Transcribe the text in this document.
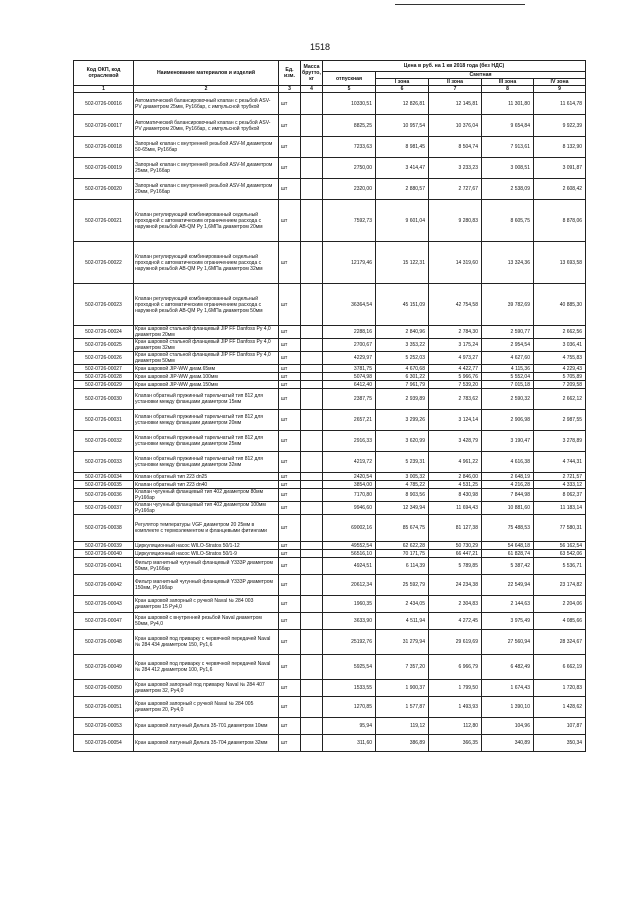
1518
Код ОКП, код отраслевой	Наименование материалов и изделий	Ед. изм.	Масса брутто, кг	Цена в руб. на 1 кв 2018 года (без НДС)				
				отпускная	Сметная			
					I зона	II зона	III зона	IV зона
1	2	3	4	5	6	7	8	9
502-0726-00016	Автоматический балансировочный клапан с резьбой ASV-PV диаметром 25мм, Ру16бар, с импульсной трубкой	шт		10330,51	12 826,81	12 145,81	11 301,80	11 614,78
502-0726-00017	Автоматический балансировочный клапан с резьбой ASV-PV диаметром 20мм, Ру16бар, с импульсной трубкой	шт		8825,25	10 957,54	10 376,04	9 654,84	9 922,39
502-0726-00018	Запорный клапан с внутренней резьбой ASV-M диаметром 50-65мм, Ру16бар	шт		7233,63	8 981,45	8 504,74	7 913,61	8 132,90
502-0726-00019	Запорный клапан с внутренней резьбой ASV-M диаметром 25мм, Ру16бар	шт		2750,00	3 414,47	3 233,23	3 008,51	3 091,87
502-0726-00020	Запорный клапан с внутренней резьбой ASV-M диаметром 20мм, Ру16бар	шт		2320,00	2 880,57	2 727,67	2 538,09	2 608,42
502-0726-00021	Клапан регулирующий комбинированный седельный проходной с автоматическим ограничением расхода с наружной резьбой AB-QM Ру 1,6МПа диаметром 20мм	шт		7592,73	9 601,04	9 280,83	8 605,75	8 878,06
502-0726-00022	Клапан регулирующий комбинированный седельный проходной с автоматическим ограничением расхода с наружной резьбой AB-QM Ру 1,6МПа диаметром 32мм	шт		12179,46	15 122,31	14 319,60	13 324,36	13 693,58
502-0726-00023	Клапан регулирующий комбинированный седельный проходной с автоматическим ограничением расхода с наружной резьбой AB-QM Ру 1,6МПа диаметром 50мм	шт		36364,54	45 151,09	42 754,58	39 782,69	40 885,30
502-0726-00024	Кран шаровой стальной фланцевый JIP FF Danfoss Ру 4,0 диаметром 20мм	шт		2288,16	2 840,96	2 784,30	2 590,77	2 662,56
502-0726-00025	Кран шаровой стальной фланцевый JIP FF Danfoss Ру 4,0 диаметром 32мм	шт		2700,67	3 353,22	3 175,24	2 954,54	3 036,41
502-0726-00026	Кран шаровой стальной фланцевый JIP FF Danfoss Ру 4,0 диаметром 50мм	шт		4229,97	5 252,03	4 973,27	4 627,60	4 755,83
502-0726-00027	Кран шаровой JIP-WW диам.65мм	шт		3781,75	4 670,68	4 422,77	4 115,36	4 229,43
502-0726-00028	Кран шаровой JIP-WW диам.100мм	шт		5074,98	6 301,22	5 966,76	5 552,04	5 705,89
502-0726-00029	Кран шаровой JIP-WW диам.150мм	шт		6412,40	7 961,79	7 539,20	7 015,18	7 209,58
502-0726-00030	Клапан обратный пружинный тарельчатый тип 812 для установки между фланцами диаметром 15мм	шт		2387,75	2 939,89	2 783,62	2 590,32	2 662,12
502-0726-00031	Клапан обратный пружинный тарельчатый тип 812 для установки между фланцами диаметром 20мм	шт		2657,21	3 299,26	3 124,14	2 906,98	2 987,55
502-0726-00032	Клапан обратный пружинный тарельчатый тип 812 для установки между фланцами диаметром 25мм	шт		2916,33	3 620,99	3 428,79	3 190,47	3 278,89
502-0726-00033	Клапан обратный пружинный тарельчатый тип 812 для установки между фланцами диаметром 32мм	шт		4219,72	5 239,31	4 961,22	4 616,38	4 744,31
502-0726-00034	Клапан обратный тип 223 dn25	шт		2420,54	3 005,32	2 846,00	2 648,19	2 721,57
502-0726-00035	Клапан обратный тип 223 dn40	шт		3854,00	4 785,22	4 531,25	4 216,28	4 333,12
502-0726-00036	Клапан чугунный фланцевый тип 402 диаметром 80мм Ру16бар	шт		7170,80	8 903,56	8 430,98	7 844,98	8 062,37
502-0726-00037	Клапан чугунный фланцевый тип 402 диаметром 100мм Ру16бар	шт		9946,60	12 349,94	11 694,43	10 881,60	11 183,14
502-0726-00038	Регулятор температуры VGF диаметром 20 25мм в комплекте с термоэлементом и фланцевыми фитингами	шт		69002,16	85 674,75	81 127,38	75 488,53	77 580,31
502-0726-00039	Циркуляционный насос WILO-Stratos 50/1-12	шт		49552,54	62 622,28	50 730,29	54 648,18	56 162,54
502-0726-00040	Циркуляционный насос WILO-Stratos 50/1-9	шт		56516,10	70 171,75	66 447,21	61 828,74	63 542,06
502-0726-00041	Фильтр магнитный чугунный фланцевый Y333P диаметром 50мм, Ру16бар	шт		4924,51	6 114,39	5 789,85	5 387,42	5 536,71
502-0726-00042	Фильтр магнитный чугунный фланцевый Y333P диаметром 150мм, Ру16бар	шт		20612,34	25 592,79	24 234,38	22 549,94	23 174,82
502-0726-00043	Кран шаровой запорный с ручкой Naval № 284 003 диаметром 15 Ру4,0	шт		1960,35	2 434,05	2 304,83	2 144,63	2 204,06
502-0726-00047	Кран шаровой с внутренней резьбой Naval диаметром 50мм, Ру4,0	шт		3633,90	4 511,94	4 272,45	3 975,49	4 085,66
502-0726-00048	Кран шаровой под приварку с червячной передачей Naval № 284 434 диаметром 150, Ру1,6	шт		25192,76	31 279,94	29 619,69	27 560,94	28 324,67
502-0726-00049	Кран шаровой под приварку с червячной передачей Naval № 284 412 диаметром 100, Ру1,6	шт		5925,54	7 357,20	6 966,79	6 482,49	6 662,19
502-0726-00050	Кран шаровой запорный под приварку Naval № 284 407 диаметром 32, Ру4,0	шт		1533,55	1 900,37	1 799,50	1 674,43	1 720,83
502-0726-00051	Кран шаровой запорный с ручкой Naval № 284 005 диаметром 20, Ру4,0	шт		1270,85	1 577,87	1 493,93	1 390,10	1 428,62
502-0726-00053	Кран шаровой латунный Дельта 35-701 диаметром 10мм	шт		95,94	119,12	112,80	104,96	107,87
502-0726-00054	Кран шаровой латунный Дельта 35-704 диаметром 32мм	шт		311,60	386,89	366,35	340,89	350,34
